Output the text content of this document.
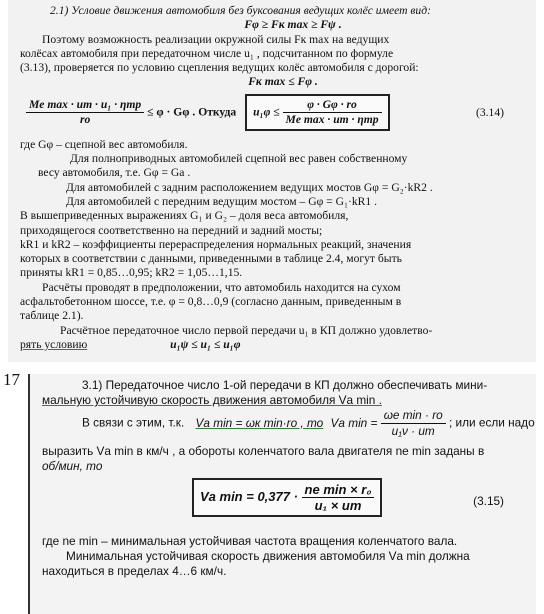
2.1) Условие движения автомобиля без буксования ведущих колёс имеет вид:
Fφ ≥ Fк max ≥ Fψ .
Поэтому возможность реализации окружной силы Fк max на ведущих
колёсах автомобиля при передаточном числе u₁ , подсчитанном по формуле
(3.13), проверяется по условию сцепления ведущих колёс автомобиля с дорогой:
Fк max ≤ Fφ .
$\frac{\text{Mе max · uт · u₁ · ηтр}}{rо} \le \varphi \cdot G\varphi$ . Откуда $u_1\varphi \le \frac{\varphi \cdot G\varphi \cdot rо}{\text{Mе max · uт · ηтр}}$	(3.14)
где Gφ – сцепной вес автомобиля.
Для полноприводных автомобилей сцепной вес равен собственному
весу автомобиля, т.е. Gφ = Gа .
Для автомобилей с задним расположением ведущих мостов Gφ = G₂·kR2 .
Для автомобилей с передним ведущим мостом – Gφ = G₁·kR1 .
В вышеприведенных выражениях G₁ и G₂ – доля веса автомобиля,
приходящегося соответственно на передний и задний мосты;
kR1 и kR2 – коэффициенты перераспределения нормальных реакций, значения
которых в соответствии с данными, приведенными в таблице 2.4, могут быть
приняты kR1 = 0,85…0,95; kR2 = 1,05…1,15.
Расчёты проводят в предположении, что автомобиль находится на сухом
асфальтобетонном шоссе, т.е. φ = 0,8…0,9 (согласно данным, приведенным в
таблице 2.1).
Расчётное передаточное число первой передачи u₁ в КП должно удовлетво-
рять условию	u₁ψ ≤ u₁ ≤ u₁φ
17	3.1) Передаточное число 1-ой передачи в КП должно обеспечивать мини-
мальную устойчивую скорость движения автомобиля Vа min .
В связи с этим, т.к. Vа min = ωк min·rо , то Vа $\min = \frac{\text{ωе min · rо}}{\text{u₁ν · uт}}$ ; или если надо
выразить Vа min в км/ч , а обороты коленчатого вала двигателя nе min заданы в
об/мин, то
Vа $\min = 0,377 \cdot \frac{\text{nе min × r₀}}{\text{u₁ × uт}}$	(3.15)
где nе min – минимальная устойчивая частота вращения коленчатого вала.
Минимальная устойчивая скорость движения автомобиля Vа min должна
находиться в пределах 4…6 км/ч.
